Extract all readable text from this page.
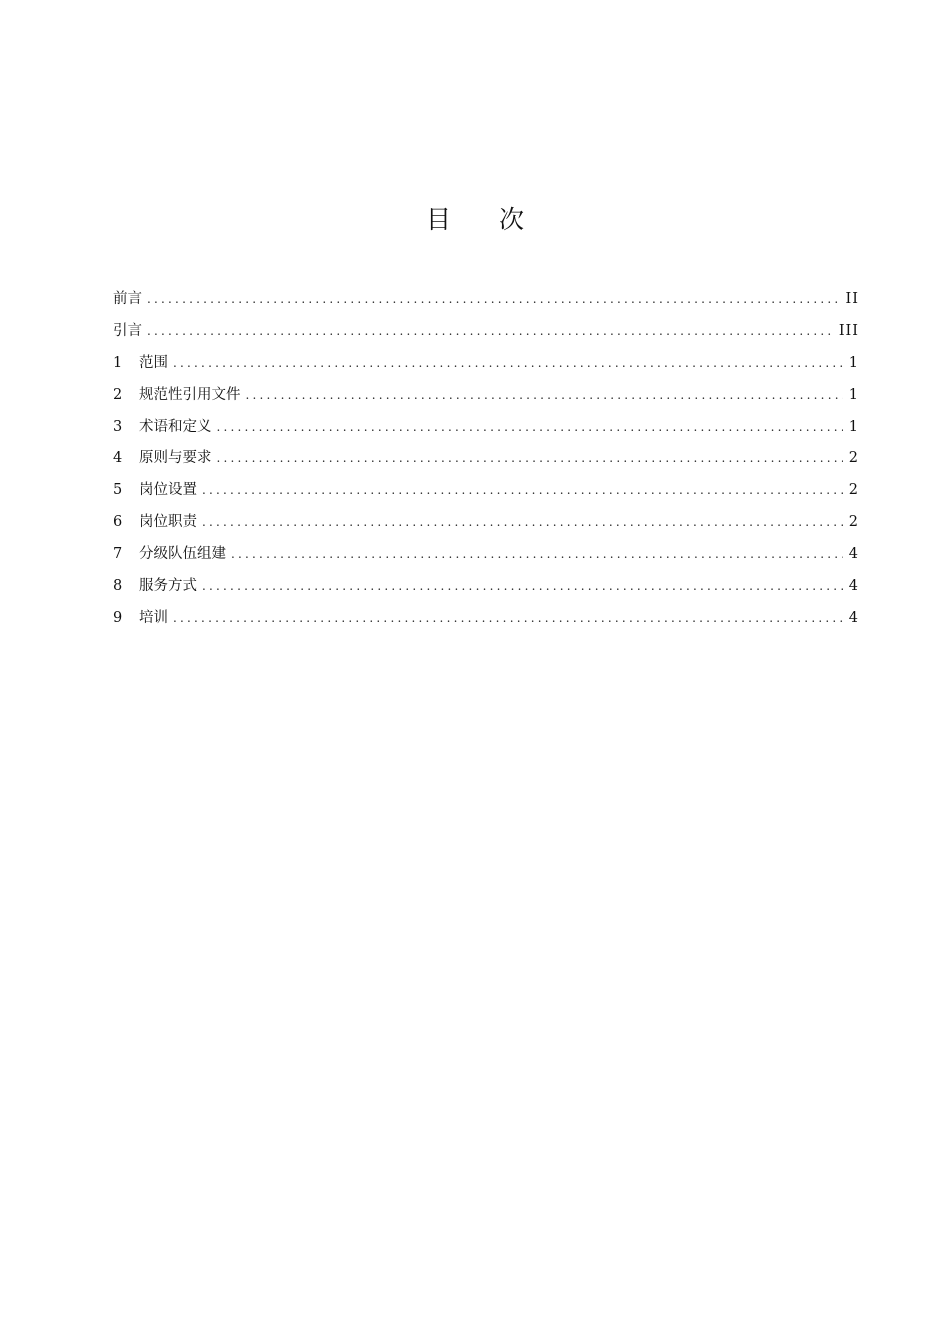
目 次
前言 .....	II
引言 .....	III
1	范围 .....	1
2	规范性引用文件 .....	1
3	术语和定义 .....	1
4	原则与要求 .....	2
5	岗位设置 .....	2
6	岗位职责 .....	2
7	分级队伍组建 .....	4
8	服务方式 .....	4
9	培训 .....	4
